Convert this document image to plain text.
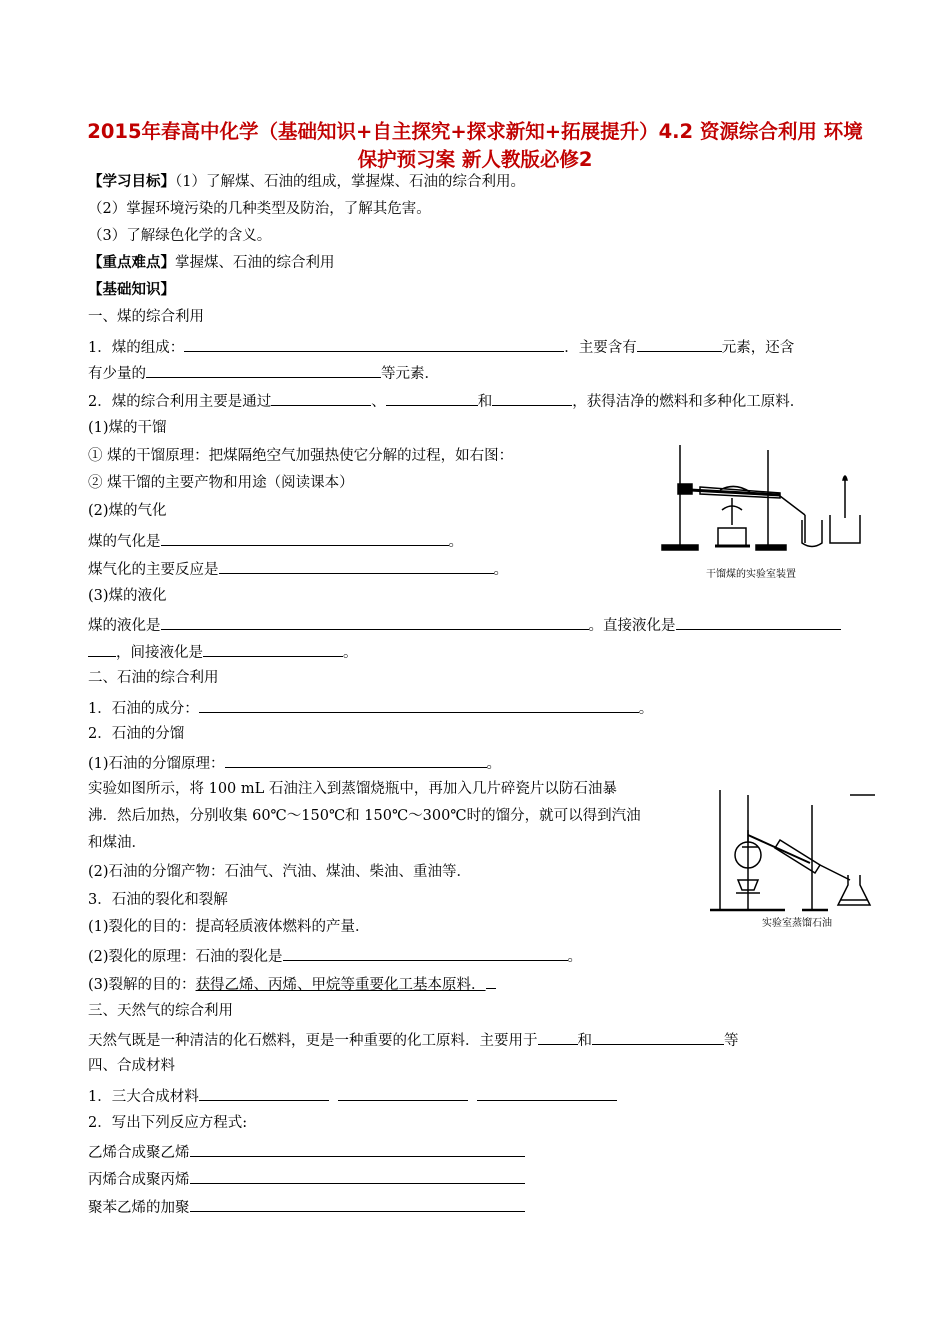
2015年春高中化学（基础知识+自主探究+探求新知+拓展提升）4.2 资源综合利用 环境保护预习案 新人教版必修2
【学习目标】（1）了解煤、石油的组成，掌握煤、石油的综合利用。
（2）掌握环境污染的几种类型及防治，了解其危害。
（3）了解绿色化学的含义。
【重点难点】掌握煤、石油的综合利用
【基础知识】
一、煤的综合利用
1．煤的组成：	．主要含有	元素，还含
有少量的	等元素．
2．煤的综合利用主要是通过	、	和	，获得洁净的燃料和多种化工原料．
(1)煤的干馏
① 煤的干馏原理：把煤隔绝空气加强热使它分解的过程，如右图：
② 煤干馏的主要产物和用途（阅读课本）
(2)煤的气化
煤的气化是	。
煤气化的主要反应是	。
(3)煤的液化
煤的液化是	。直接液化是
，间接液化是	。
二、石油的综合利用
1．石油的成分：	。
2．石油的分馏
(1)石油的分馏原理：	。
实验如图所示，将 100 mL 石油注入到蒸馏烧瓶中，再加入几片碎瓷片以防石油暴
沸．然后加热，分别收集 60℃～150℃和 150℃～300℃时的馏分，就可以得到汽油
和煤油．
(2)石油的分馏产物：石油气、汽油、煤油、柴油、重油等．
3．石油的裂化和裂解
(1)裂化的目的：提高轻质液体燃料的产量．
(2)裂化的原理：石油的裂化是	。
(3)裂解的目的：获得乙烯、丙烯、甲烷等重要化工基本原料．
三、天然气的综合利用
天然气既是一种清洁的化石燃料，更是一种重要的化工原料．主要用于	和	等
四、合成材料
1．三大合成材料
2．写出下列反应方程式:
乙烯合成聚乙烯
丙烯合成聚丙烯
聚苯乙烯的加聚
干馏煤的实验室装置
实验室蒸馏石油
